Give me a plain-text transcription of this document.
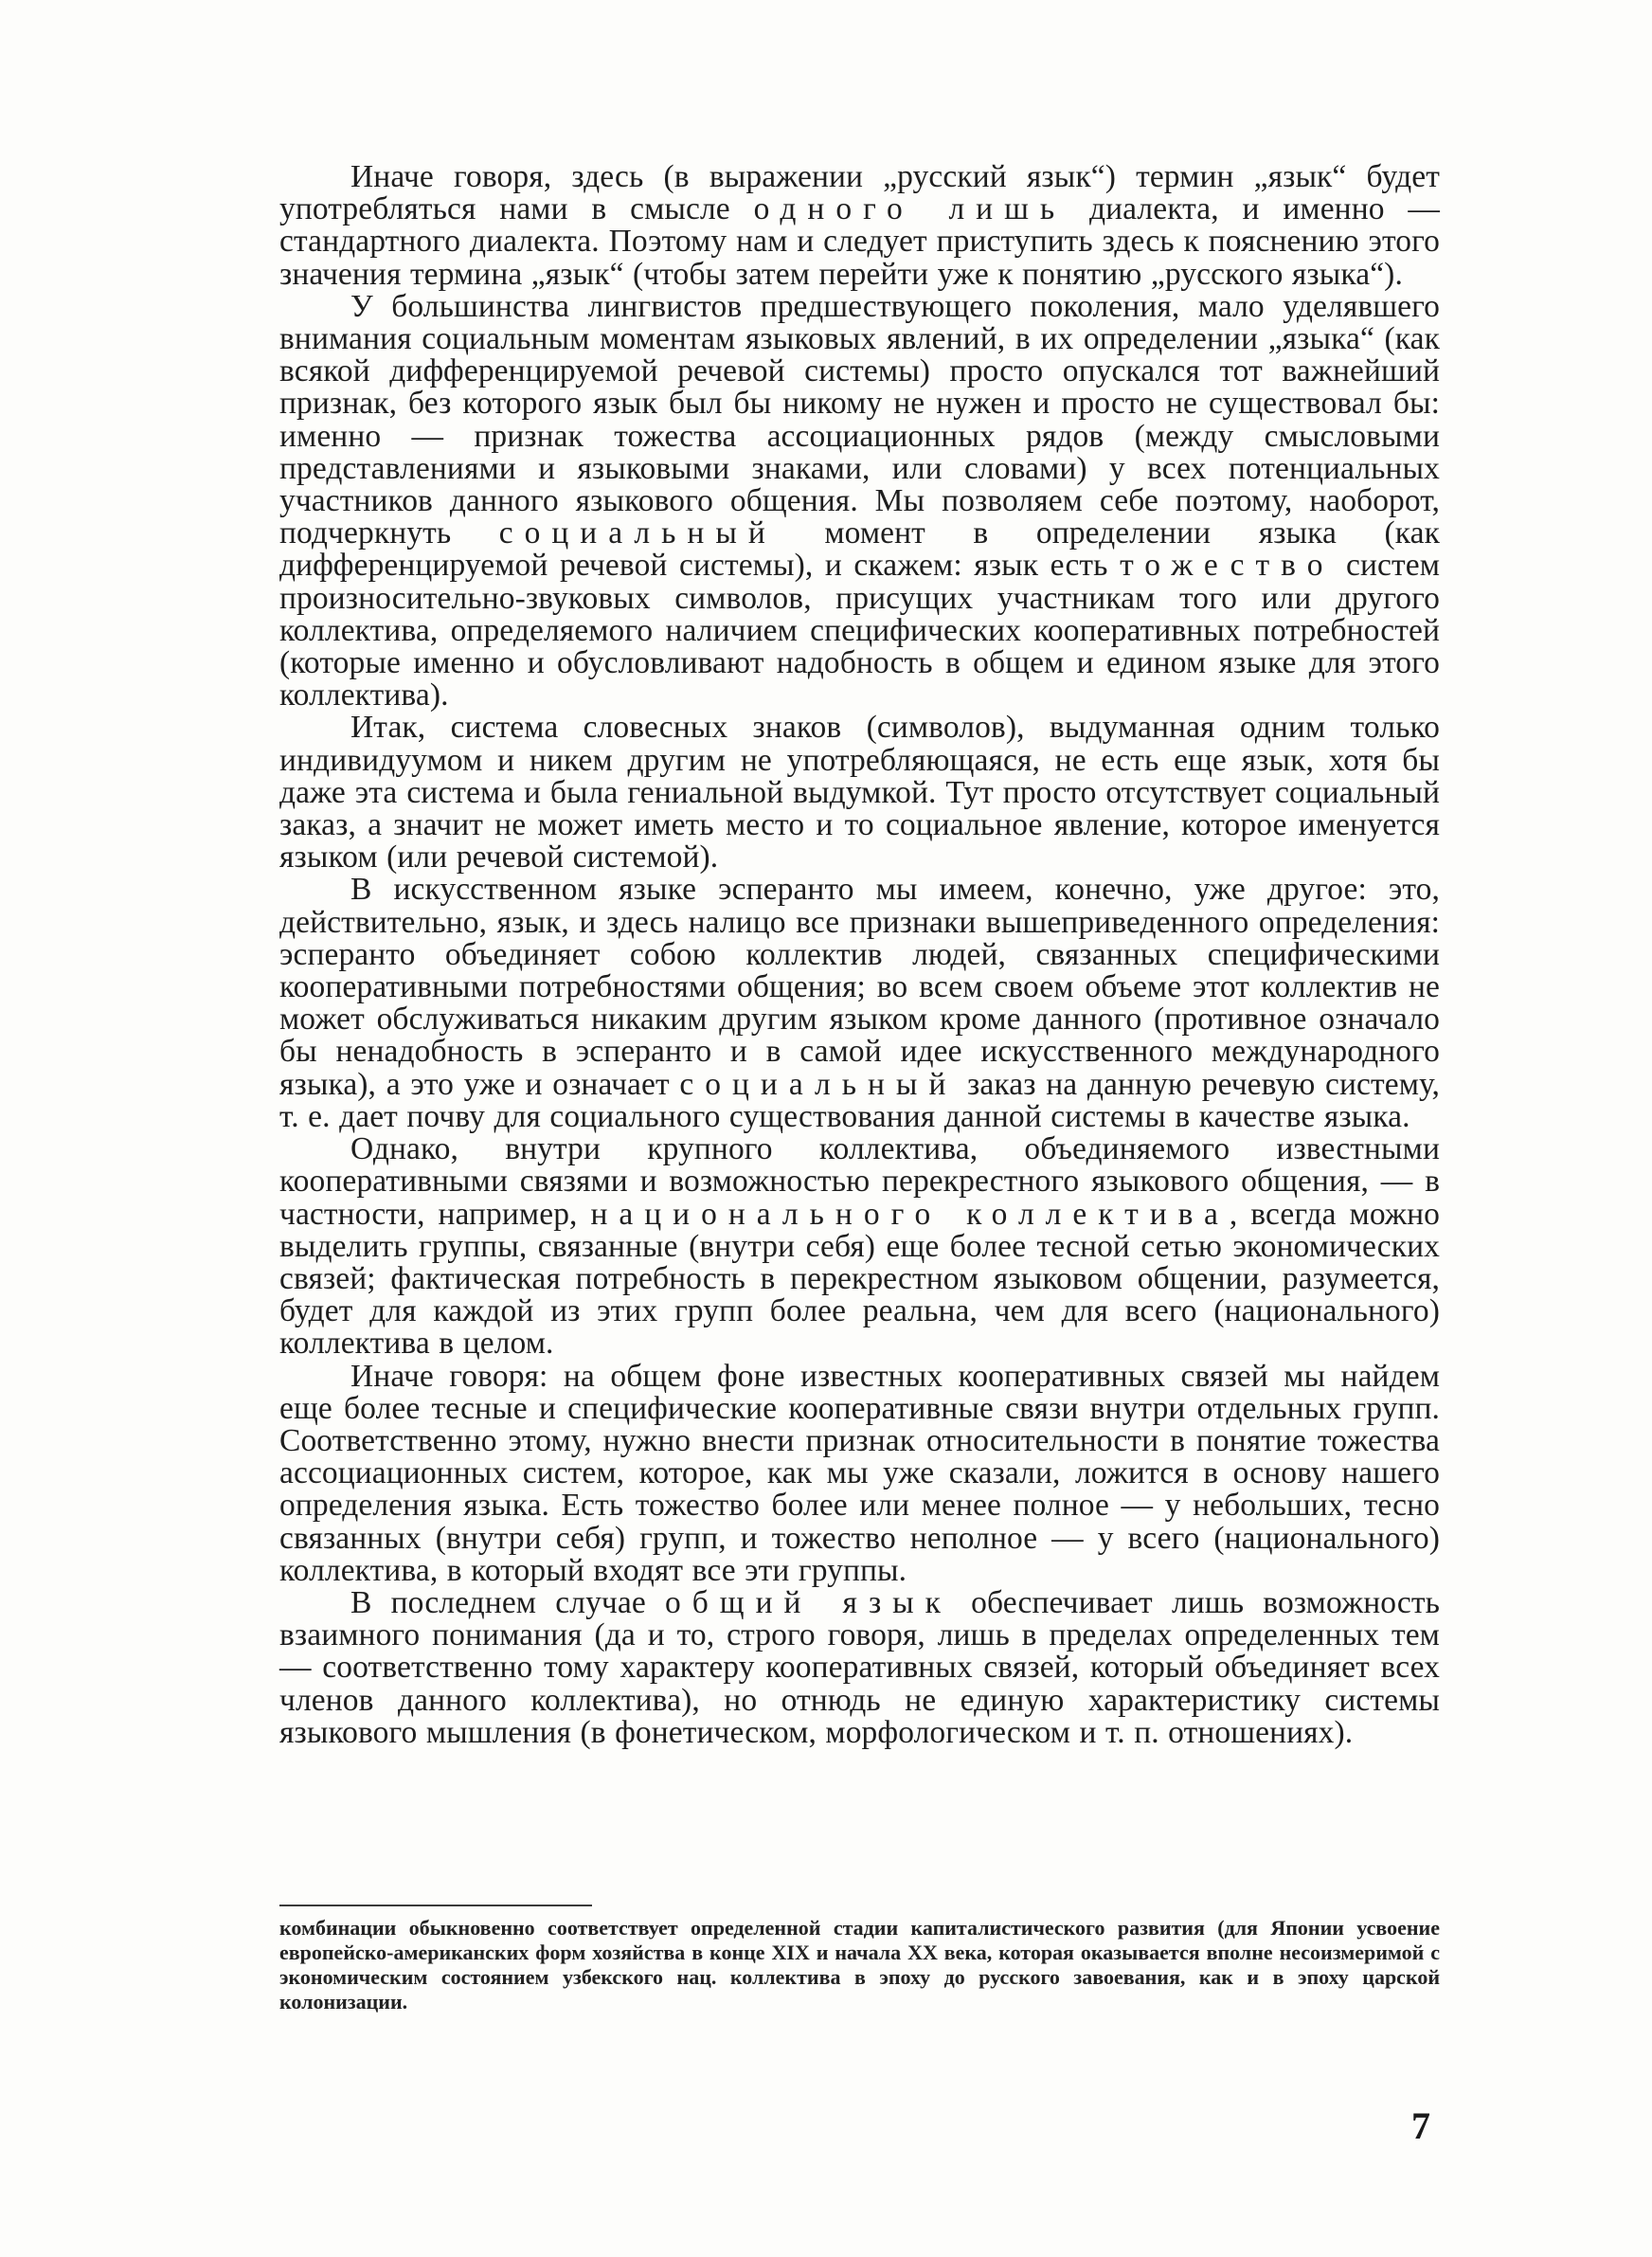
Иначе говоря, здесь (в выражении „русский язык“) термин „язык“ будет употребляться нами в смысле одного лишь диалекта, и именно — стандартного диалекта. Поэтому нам и следует приступить здесь к пояснению этого значения термина „язык“ (чтобы затем перейти уже к понятию „русского языка“).

У большинства лингвистов предшествующего поколения, мало уделявшего внимания социальным моментам языковых явлений, в их определении „языка“ (как всякой дифференцируемой речевой системы) просто опускался тот важнейший признак, без которого язык был бы никому не нужен и просто не существовал бы: именно — признак тожества ассоциационных рядов (между смысловыми представлениями и языковыми знаками, или словами) у всех потенциальных участников данного языкового общения. Мы позволяем себе поэтому, наоборот, подчеркнуть социальный момент в определении языка (как дифференцируемой речевой системы), и скажем: язык есть тожество систем произносительно-звуковых символов, присущих участникам того или другого коллектива, определяемого наличием специфических кооперативных потребностей (которые именно и обусловливают надобность в общем и едином языке для этого коллектива).

Итак, система словесных знаков (символов), выдуманная одним только индивидуумом и никем другим не употребляющаяся, не есть еще язык, хотя бы даже эта система и была гениальной выдумкой. Тут просто отсутствует социальный заказ, а значит не может иметь место и то социальное явление, которое именуется языком (или речевой системой).

В искусственном языке эсперанто мы имеем, конечно, уже другое: это, действительно, язык, и здесь налицо все признаки вышеприведенного определения: эсперанто объединяет собою коллектив людей, связанных специфическими кооперативными потребностями общения; во всем своем объеме этот коллектив не может обслуживаться никаким другим языком кроме данного (противное означало бы ненадобность в эсперанто и в самой идее искусственного международного языка), а это уже и означает социальный заказ на данную речевую систему, т. е. дает почву для социального существования данной системы в качестве языка.

Однако, внутри крупного коллектива, объединяемого известными кооперативными связями и возможностью перекрестного языкового общения, — в частности, например, национального коллектива, всегда можно выделить группы, связанные (внутри себя) еще более тесной сетью экономических связей; фактическая потребность в перекрестном языковом общении, разумеется, будет для каждой из этих групп более реальна, чем для всего (национального) коллектива в целом.

Иначе говоря: на общем фоне известных кооперативных связей мы найдем еще более тесные и специфические кооперативные связи внутри отдельных групп. Соответственно этому, нужно внести признак относительности в понятие тожества ассоциационных систем, которое, как мы уже сказали, ложится в основу нашего определения языка. Есть тожество более или менее полное — у небольших, тесно связанных (внутри себя) групп, и тожество неполное — у всего (национального) коллектива, в который входят все эти группы.

В последнем случае общий язык обеспечивает лишь возможность взаимного понимания (да и то, строго говоря, лишь в пределах определенных тем — соответственно тому характеру кооперативных связей, который объединяет всех членов данного коллектива), но отнюдь не единую характеристику системы языкового мышления (в фонетическом, морфологическом и т. п. отношениях).

комбинации обыкновенно соответствует определенной стадии капиталистического развития (для Японии усвоение европейско-американских форм хозяйства в конце XIX и начала XX века, которая оказывается вполне несоизмеримой с экономическим состоянием узбекского нац. коллектива в эпоху до русского завоевания, как и в эпоху царской колонизации.

7
